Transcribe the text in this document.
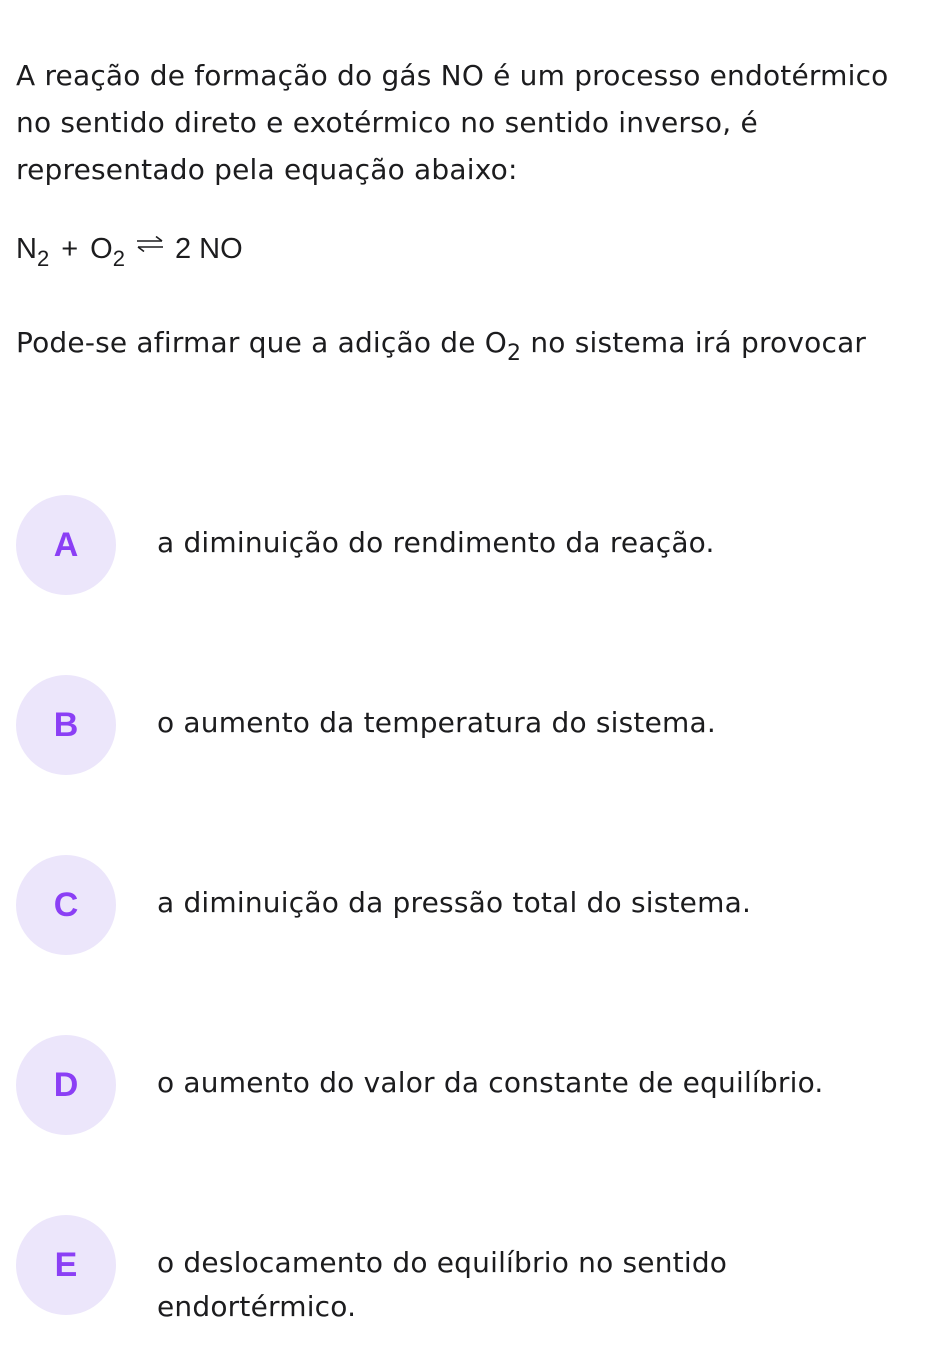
A reação de formação do gás NO é um processo endotérmico no sentido direto e exotérmico no sentido inverso, é representado pela equação abaixo:

$N_2 + O_2$ ⇌ 2 NO

Pode-se afirmar que a adição de $O_2$ no sistema irá provocar

A	a diminuição do rendimento da reação.
B	o aumento da temperatura do sistema.
C	a diminuição da pressão total do sistema.
D	o aumento do valor da constante de equilíbrio.
E	o deslocamento do equilíbrio no sentido endortérmico.
